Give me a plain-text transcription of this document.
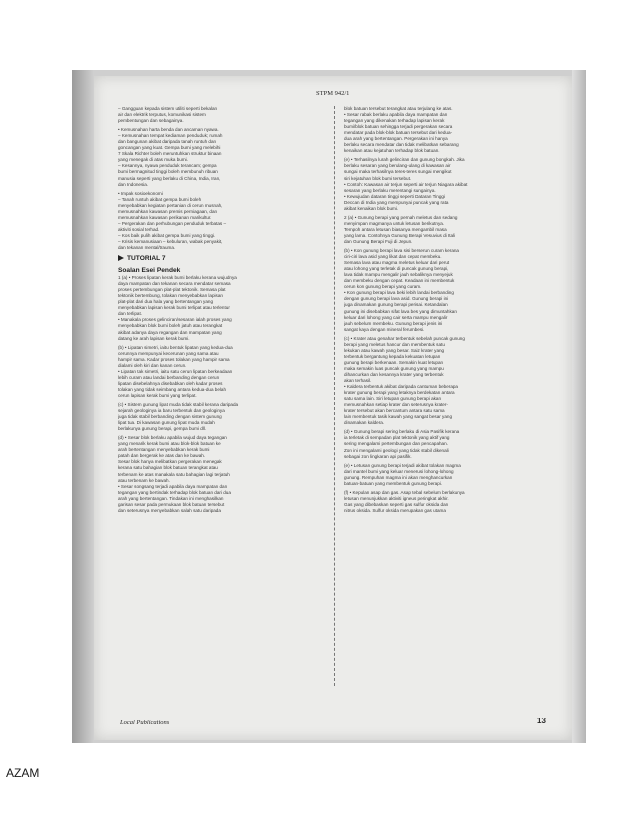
STPM 942/1
– Gangguan kepada sistem utiliti seperti bekalan
air dan elektrik terputus, komunikasi sistem
pembentungan dan sebagainya.

• Kemusnahan harta benda dan ancaman nyawa.
– Kemusnahan tempat kediaman penduduk; rumah
dan bangunan akibat daripada tanah runtuh dan
goncangan yang kuat. Gempa bumi yang melebihi
7 Skala Richter boleh meruntuhkan struktur binaan
yang menegak di atas muka bumi.
– Kesannya, nyawa penduduk terancam; gempa
bumi bermagnitud tinggi boleh membunuh ribuan
manusia seperti yang berlaku di China, India, Iran,
dan Indonesia.

• Impak sosioekonomi
– Tanah runtuh akibat gempa bumi boleh
menyebabkan kegiatan pertanian di cerun musnah,
memusnahkan kawasan premis perniagaan, dan
memusnahkan kawasan perikanan marikultur.
– Pergerakan dan perhubungan penduduk terbatas –
aktiviti sosial terhad.
– Kos baik pulih akibat gempa bumi yang tinggi.
– Krisis kemanusiaan – kebuluran, wabak penyakit,
dan tekanan mental/trauma.
TUTORIAL 7
Soalan Esei Pendek
1 (a) • Proses lipatan kerak bumi berlaku kerana wujudnya
daya mampatan dan tekanan secara mendatar semasa
proses pertembungan plat-plat tektonik. Semasa plat
tektonik bertembung, tolakan menyebabkan lapisan
plat-plat dari dua hala yang bertentangan yang
menyebabkan lapisan kerak bumi terlipat atau terlentur
dan terlipat.
• Manakala proses gelinciran/sesaran ialah proses yang
menyebabkan blok bumi boleh jatuh atau terangkat
akibat adanya daya regangan dan mampatan yang
datang ke arah lapisan kerak bumi.

(b) • Lipatan simetri, iaitu bentuk lipatan yang kedua-dua
cerunnya mempunyai kecerunan yang sama atau
hampir sama. Kadar proses tolakan yang hampir sama
dialami oleh kiri dan kanan cerun.
• Lipatan tak simetri, iaitu satu cerun lipatan berkeadaan
lebih curam atau landai berbanding dengan cerun
lipatan disebelahnya disebabkan oleh kadar proses
tolakan yang tidak seimbang antara kedua-dua belah
cerun lapisan kerak bumi yang terlipat.

(c) • Sistem gunung lipat muda tidak stabil kerana daripada
sejarah geologinya ia baru terbentuk dan geologinya
juga tidak stabil berbanding dengan sistem gunung
lipat tua. Di kawasan gunung lipat muda mudah
berlakunya gunung berapi, gempa bumi dll.

(d) • Sesar blok berlaku apabila wujud daya tegangan
yang menarik kerak bumi atau blok-blok batuan ke
arah bertentangan menyebabkan kerak bumi
patah dan bergerak ke atas dan ke bawah.
Sesar blok hanya melibatkan pergerakan menegak
kerana satu bahagian blok batuan terangkat atau
terbenam ke atas manakala satu bahagian lagi terjatuh
atau terbenam ke bawah.
• Sesar songsang terjadi apabila daya mampatan dan
tegangan yang bertindak terhadap blok batuan dari dua
arah yang bertentangan. Tindakan ini menghasilkan
garisan sesar pada permukaan blok batuan tersebut
dan seterusnya menyebabkan salah satu daripada
blok batuan tersebut terangkat atau terjulang ke atas.
• Sesar rabak berlaku apabila daya mampatan dan
tegangan yang dikenakan terhadap lapisan kerak
bumi/blok batuan sehingga terjadi pergerakan secara
mendatar pada blok-blok batuan tersebut dari kedua-
dua arah yang bertentangan. Pergerakan ini hanya
berlaku secara mendatar dan tidak melibatkan sebarang
kenaikan atau kejatuhan terhadap blok batuan.

(e) • Terhasilnya lurah gelinciran dan gunung bongkah. Jika
berlaku sesaran yang berulang-ulang di kawasan air
sungai maka terhasilnya teres-teres sungai mengikut
siri kejatuhan blok bumi tersebut.
• Contoh: Kawasan air terjun seperti air terjun Niagara akibat
sesaran yang berlaku merentangi sungainya.
• Kewujudan dataran tinggi seperti Dataran Tinggi
Deccan di India yang mempunyai puncak yang rata
akibat kenaikan blok bumi.

2 (a) • Gunung berapi yang pernah meletus dan sedang
menyimpan magmanya untuk letusan berikutnya.
Tempoh antara letusan biasanya mengambil masa
yang lama. Contohnya Gunung Berapi Vesuvius di Itali
dan Gunung Berapi Fuji di Jepun.

(b) • Kon gunung berapi lava sisi berserun curam kerana
ciri-ciri lava asid yang likat dan cepat membeku.
Semasa lava atau magma meletus keluar dari perut
atau lohong yang terletak di puncak gunung berapi,
lava tidak mampu mengalir jauh sebaliknya menyejuk
dan membeku dengan cepat. Keadaan ini membentuk
cerun kon gunung berapi yang curam.
• Kon gunung berapi lava beki lebih landai berbanding
dengan gunung berapi lava asid. Gunung berapi ini
juga dinamakan gunung berapi perisai. Ketandalan
gunung ini disebabkan sifat lava bes yang dimuntahkan
keluar dari lohong yang cair serta mampu mengalir
jauh sebelum membeku. Gunung berapi jenis ini
sangat kaya dengan mineral ferumbesi.

(c) • Krater atau genahar terbentuk sebelah puncak gunung
berapi yang meletus hancur dan membentuk satu
lekukan atau kawah yang besar. Saiz krater yang
terbentuk bergantung kepada kekuatan letupan
gunung berapi berkenaan. Semakin kuat letupan
maka semakin luas puncak gunung yang mampu
dihancurkan dan kesannya krater yang terbentuk
akan terhasil.
• Kaldera terbentuk akibat daripada cantuman beberapa
krater gunung berapi yang letaknya berdekatan antara
satu sama lain. Siri letupan gunung berapi akan
memusnahkan setiap krater dan seterusnya krater-
krater tersebut akan bercantum antara satu sama
lain membentuk tasik kawah yang sangat besar yang
dinamakan kaldera.

(d) • Gunung berapi sering berlaku di Asia Pasifik kerana
ia terletak di sempadan plat tektonik yang aktif yang
sering mengalami pertembungan dan pencapahan.
Zon ini mengalami geologi yang tidak stabil dikenali
sebagai zon lingkaran api pasifik.

(e) • Letusan gunung berapi terjadi akibat tolakan magma
dari mantel bumi yang keluar menerusi lohong-lohong
gunung. Rempuhan magma ini akan menghancurkan
batuan-batuan yang membentuk gunung berapi.

(f) • Kepulan asap dan gas. Asap tebal sebelum berlakunya
letusan menunjukkan aktiviti igneus peringkat akhir.
Gas yang dibebaskan seperti gas sulfur oksida dan
nitrus oksida. Sulfur oksida merupakan gas utama
Local Publications	13
AZAM
